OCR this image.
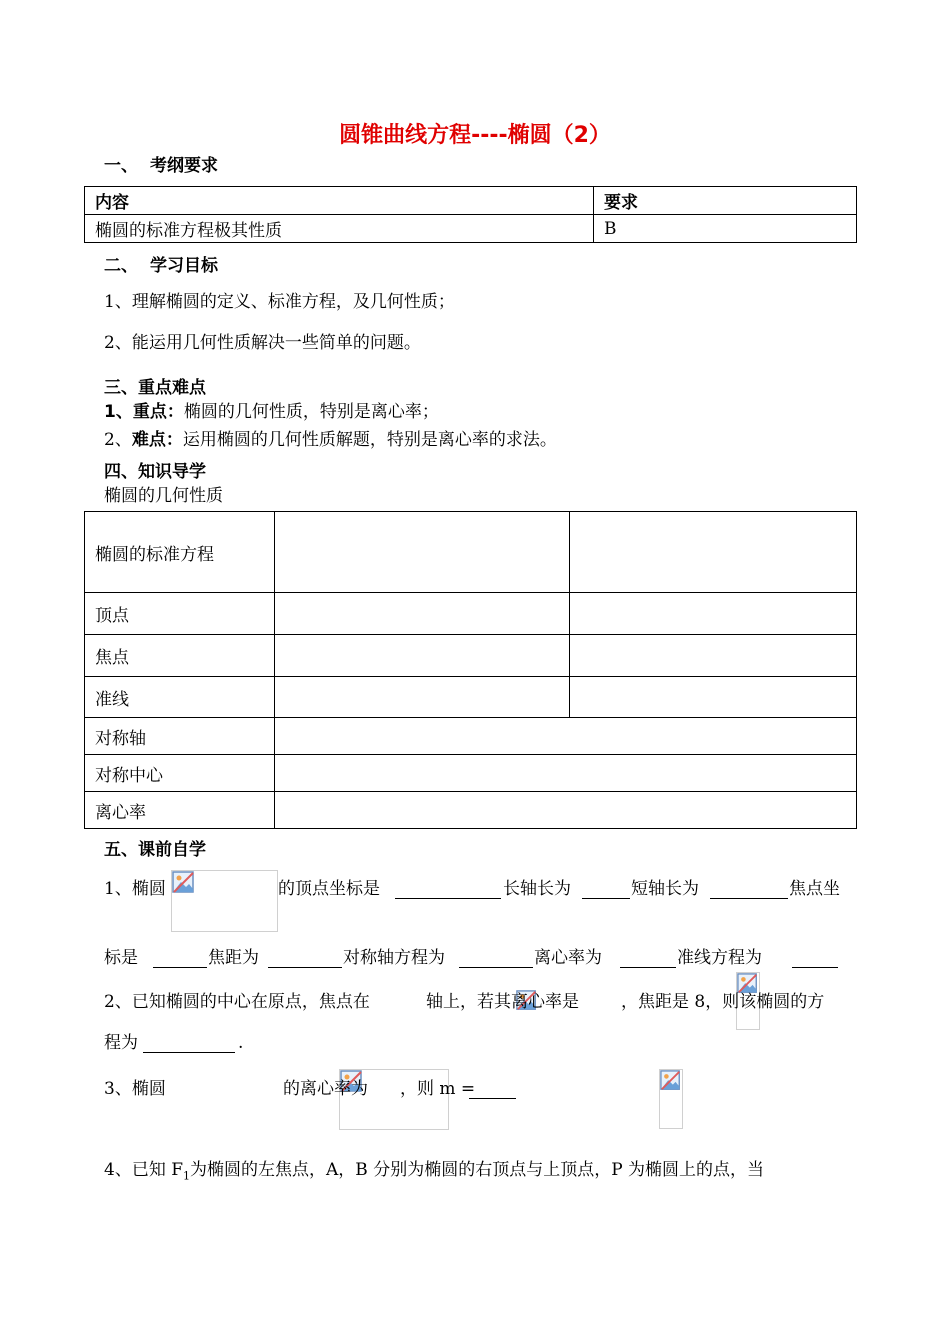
圆锥曲线方程----椭圆（2）
一、 考纲要求
内容	要求
椭圆的标准方程极其性质	B
二、 学习目标
1、理解椭圆的定义、标准方程，及几何性质；
2、能运用几何性质解决一些简单的问题。
三、重点难点
1、重点：椭圆的几何性质，特别是离心率；
2、难点：运用椭圆的几何性质解题，特别是离心率的求法。
四、知识导学
椭圆的几何性质
椭圆的标准方程		
顶点		
焦点		
准线		
对称轴		
对称中心		
离心率		
五、课前自学
1、椭圆
	的顶点坐标是	长轴长为	短轴长为	焦点坐
标是	焦距为	对称轴方程为	离心率为	准线方程为
2、已知椭圆的中心在原点，焦点在
	轴上，若其离心率是
，焦距是 8，则该椭圆的方
程为	.
3、椭圆
	的离心率为 ，则 m =
4、已知 $F_1$为椭圆的左焦点，A，B 分别为椭圆的右顶点与上顶点，P 为椭圆上的点，当
